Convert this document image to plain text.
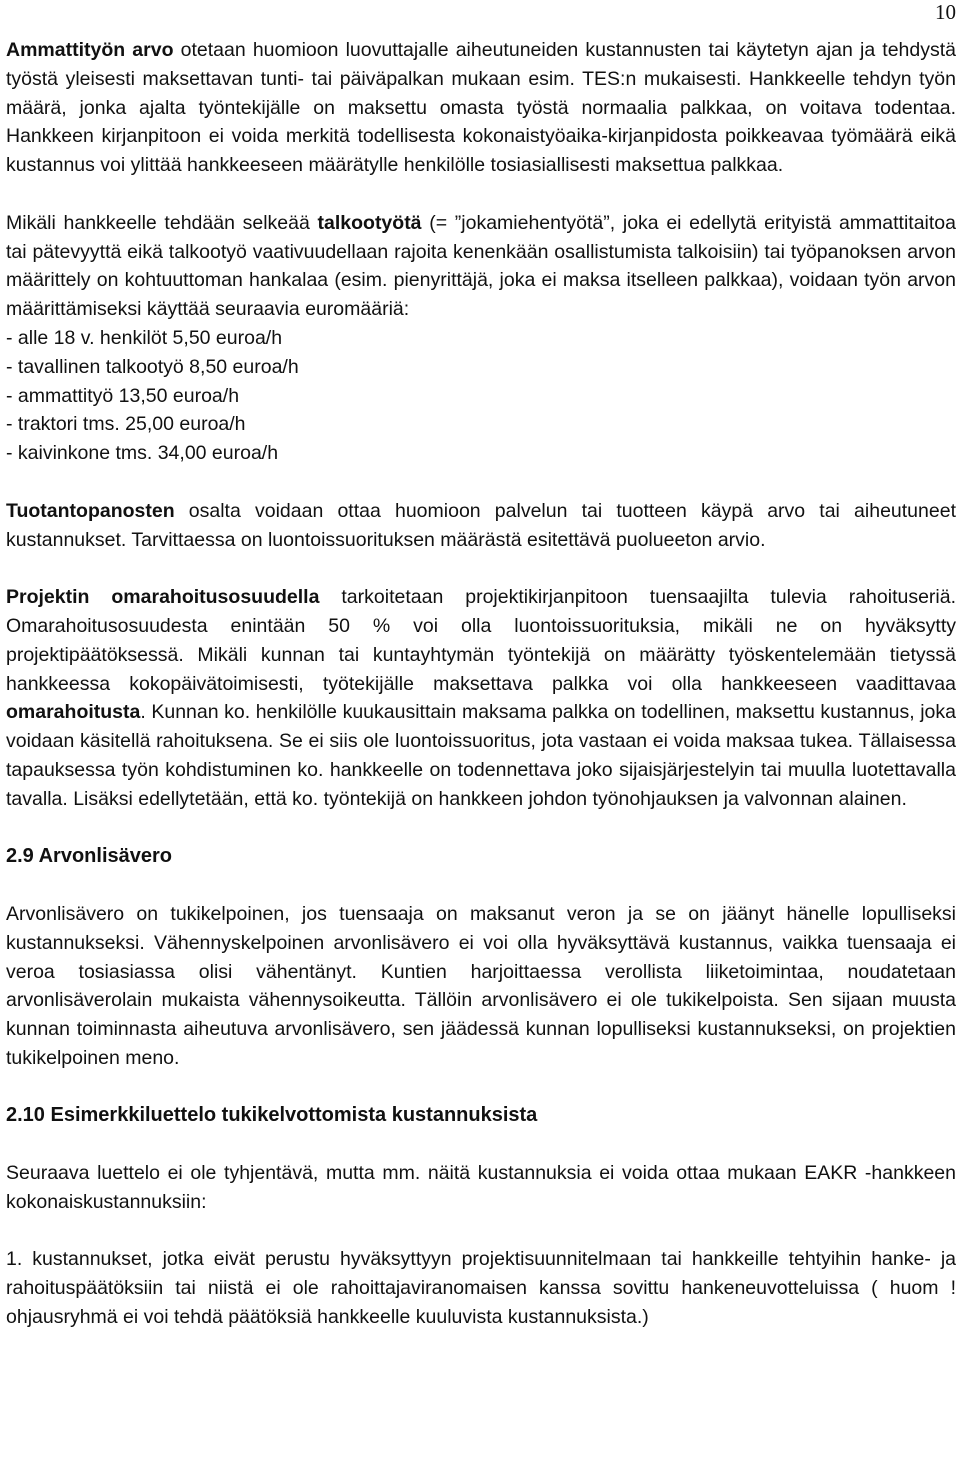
10

Ammattityön arvo otetaan huomioon luovuttajalle aiheutuneiden kustannusten tai käytetyn ajan ja tehdystä työstä yleisesti maksettavan tunti- tai päiväpalkan mukaan esim. TES:n mukaisesti. Hankkeelle tehdyn työn määrä, jonka ajalta työntekijälle on maksettu omasta työstä normaalia palkkaa, on voitava todentaa. Hankkeen kirjanpitoon ei voida merkitä todellisesta kokonaistyöaika-kirjanpidosta poikkeavaa työmäärä eikä kustannus voi ylittää hankkeeseen määrätylle henkilölle tosiasiallisesti maksettua palkkaa.

Mikäli hankkeelle tehdään selkeää talkootyötä (= ”jokamiehentyötä”, joka ei edellytä erityistä ammattitaitoa tai pätevyyttä eikä talkootyö vaativuudellaan rajoita kenenkään osallistumista talkoisiin) tai työpanoksen arvon määrittely on kohtuuttoman hankalaa (esim. pienyrittäjä, joka ei maksa itselleen palkkaa), voidaan työn arvon määrittämiseksi käyttää seuraavia euromääriä:

- alle 18 v. henkilöt 5,50 euroa/h
- tavallinen talkootyö 8,50 euroa/h
- ammattityö 13,50 euroa/h
- traktori tms. 25,00 euroa/h
- kaivinkone tms. 34,00 euroa/h

Tuotantopanosten osalta voidaan ottaa huomioon palvelun tai tuotteen käypä arvo tai aiheutuneet kustannukset. Tarvittaessa on luontoissuorituksen määrästä esitettävä puolueeton arvio.

Projektin omarahoitusosuudella tarkoitetaan projektikirjanpitoon tuensaajilta tulevia rahoituseriä. Omarahoitusosuudesta enintään 50 % voi olla luontoissuorituksia, mikäli ne on hyväksytty projektipäätöksessä. Mikäli kunnan tai kuntayhtymän työntekijä on määrätty työskentelemään tietyssä hankkeessa kokopäivätoimisesti, työtekijälle maksettava palkka voi olla hankkeeseen vaadittavaa omarahoitusta. Kunnan ko. henkilölle kuukausittain maksama palkka on todellinen, maksettu kustannus, joka voidaan käsitellä rahoituksena. Se ei siis ole luontoissuoritus, jota vastaan ei voida maksaa tukea. Tällaisessa tapauksessa työn kohdistuminen ko. hankkeelle on todennettava joko sijaisjärjestelyin tai muulla luotettavalla tavalla. Lisäksi edellytetään, että ko. työntekijä on hankkeen johdon työnohjauksen ja valvonnan alainen.

2.9 Arvonlisävero

Arvonlisävero on tukikelpoinen, jos tuensaaja on maksanut veron ja se on jäänyt hänelle lopulliseksi kustannukseksi. Vähennyskelpoinen arvonlisävero ei voi olla hyväksyttävä kustannus, vaikka tuensaaja ei veroa tosiasiassa olisi vähentänyt. Kuntien harjoittaessa verollista liiketoimintaa, noudatetaan arvonlisäverolain mukaista vähennysoikeutta. Tällöin arvonlisävero ei ole tukikelpoista. Sen sijaan muusta kunnan toiminnasta aiheutuva arvonlisävero, sen jäädessä kunnan lopulliseksi kustannukseksi, on projektien tukikelpoinen meno.

2.10 Esimerkkiluettelo tukikelvottomista kustannuksista

Seuraava luettelo ei ole tyhjentävä, mutta mm. näitä kustannuksia ei voida ottaa mukaan EAKR -hankkeen kokonaiskustannuksiin:

1. kustannukset, jotka eivät perustu hyväksyttyyn projektisuunnitelmaan tai hankkeille tehtyihin hanke- ja rahoituspäätöksiin tai niistä ei ole rahoittajaviranomaisen kanssa sovittu hankeneuvotteluissa ( huom ! ohjausryhmä ei voi tehdä päätöksiä hankkeelle kuuluvista kustannuksista.)
